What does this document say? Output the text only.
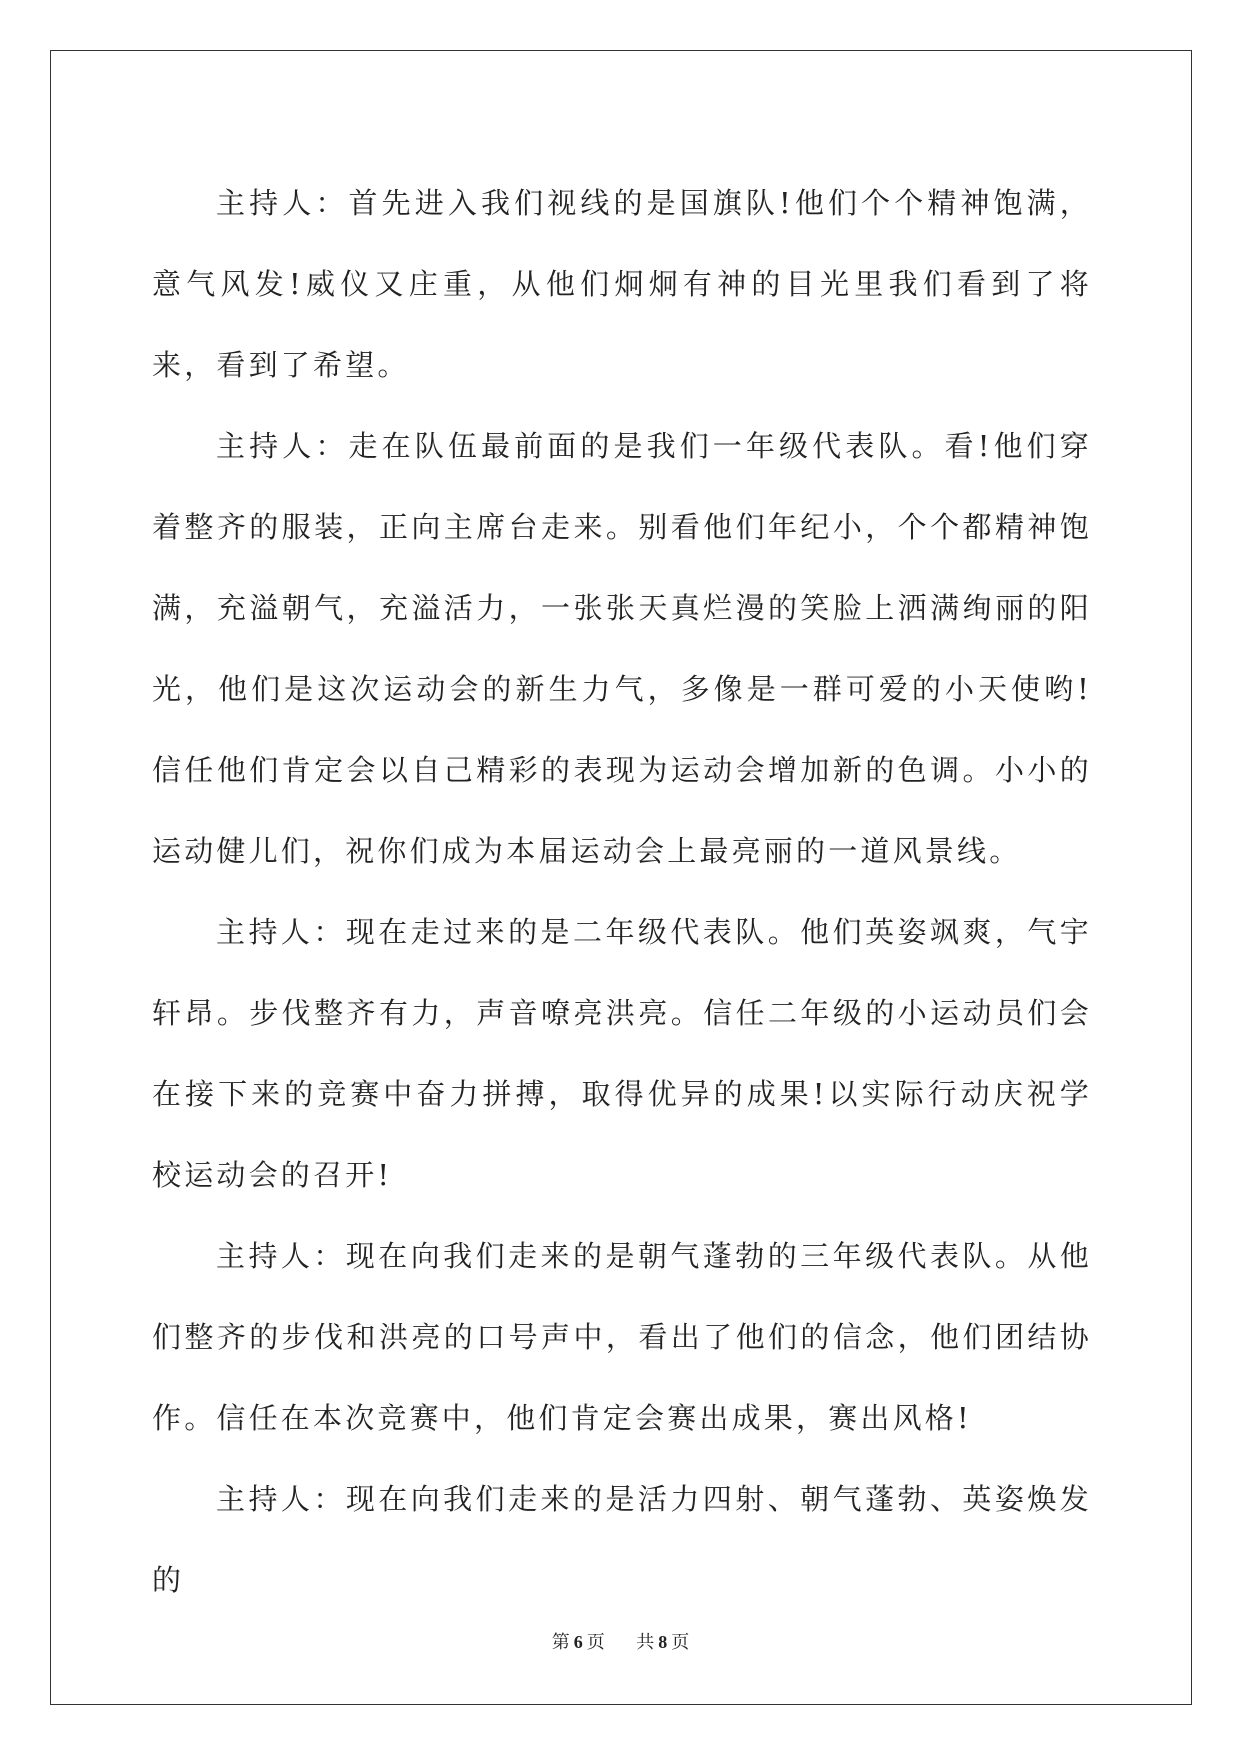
主持人：首先进入我们视线的是国旗队!他们个个精神饱满，意气风发!威仪又庄重，从他们炯炯有神的目光里我们看到了将来，看到了希望。

主持人：走在队伍最前面的是我们一年级代表队。看!他们穿着整齐的服装，正向主席台走来。别看他们年纪小，个个都精神饱满，充溢朝气，充溢活力，一张张天真烂漫的笑脸上洒满绚丽的阳光，他们是这次运动会的新生力气，多像是一群可爱的小天使哟!信任他们肯定会以自己精彩的表现为运动会增加新的色调。小小的运动健儿们，祝你们成为本届运动会上最亮丽的一道风景线。

主持人：现在走过来的是二年级代表队。他们英姿飒爽，气宇轩昂。步伐整齐有力，声音嘹亮洪亮。信任二年级的小运动员们会在接下来的竞赛中奋力拼搏，取得优异的成果!以实际行动庆祝学校运动会的召开!

主持人：现在向我们走来的是朝气蓬勃的三年级代表队。从他们整齐的步伐和洪亮的口号声中，看出了他们的信念，他们团结协作。信任在本次竞赛中，他们肯定会赛出成果，赛出风格!

主持人：现在向我们走来的是活力四射、朝气蓬勃、英姿焕发的

第 6 页 共 8 页
